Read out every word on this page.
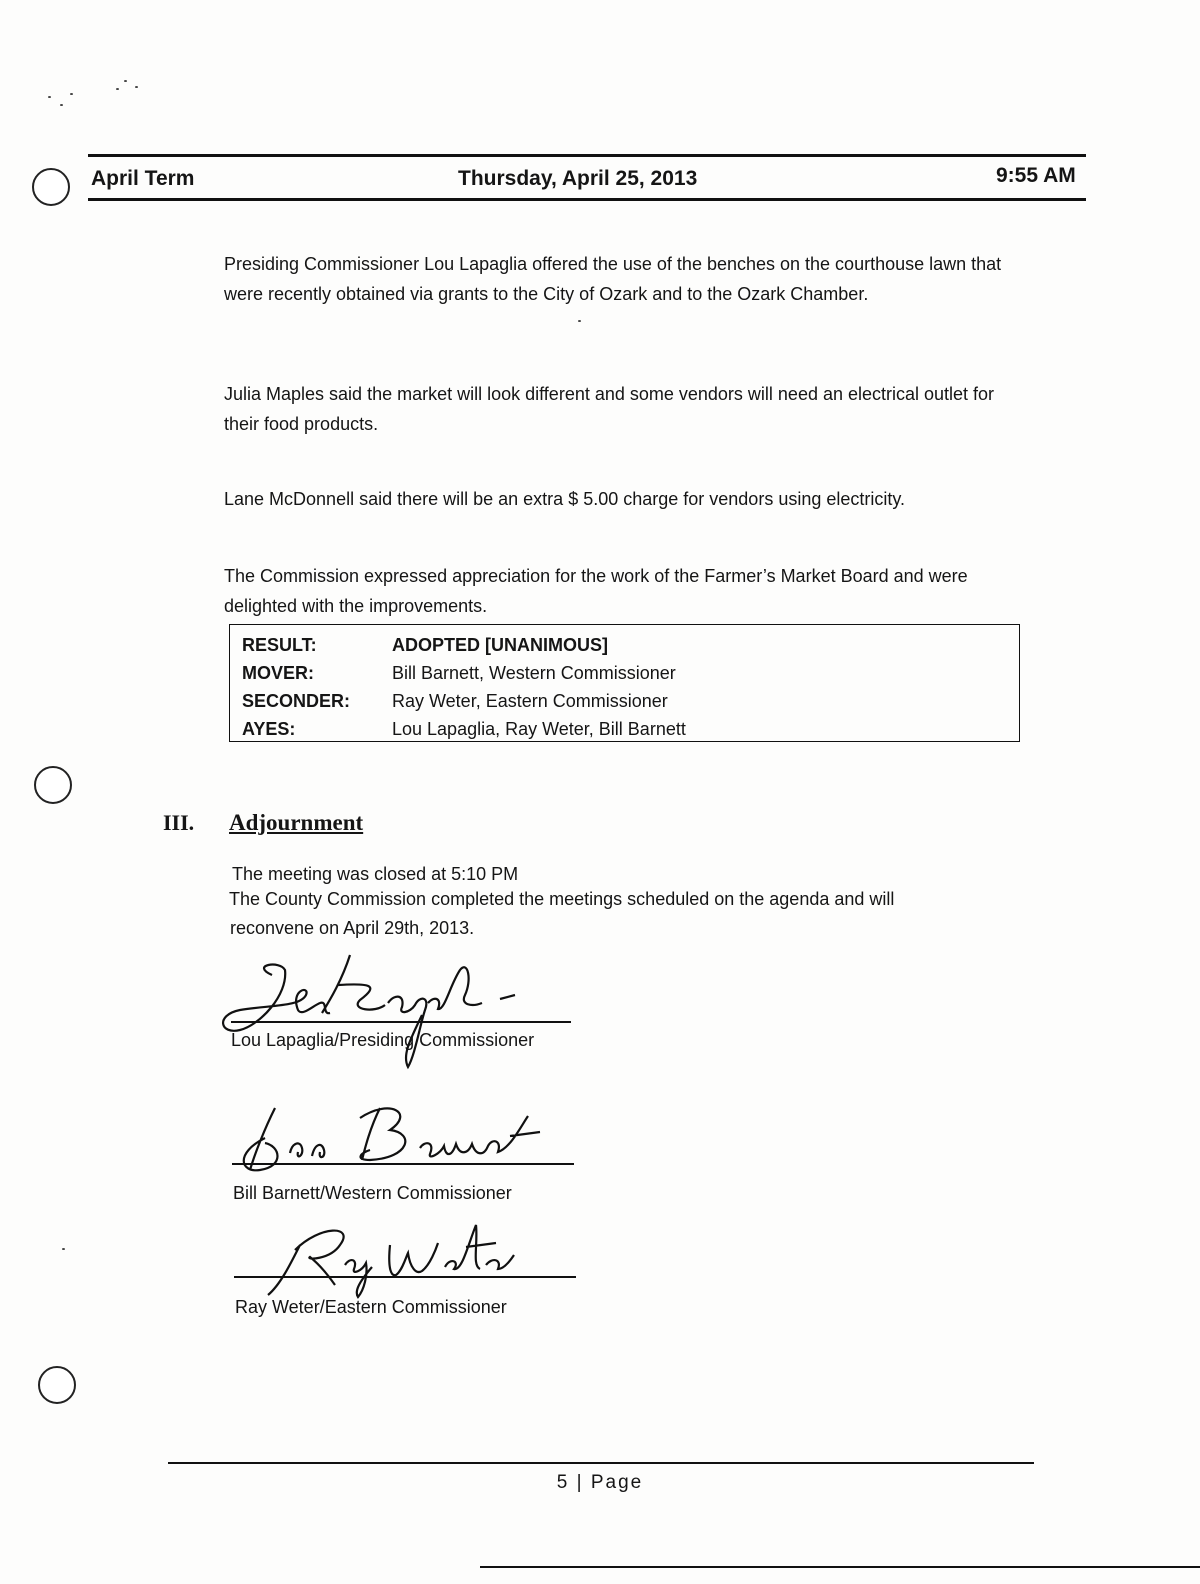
April Term	Thursday, April 25, 2013	9:55 AM
Presiding Commissioner Lou Lapaglia offered the use of the benches on the courthouse lawn that were recently obtained via grants to the City of Ozark and to the Ozark Chamber.
Julia Maples said the market will look different and some vendors will need an electrical outlet for their food products.
Lane McDonnell said there will be an extra $ 5.00 charge for vendors using electricity.
The Commission expressed appreciation for the work of the Farmer’s Market Board and were delighted with the improvements.
RESULT:	ADOPTED [UNANIMOUS]
MOVER:	Bill Barnett, Western Commissioner
SECONDER:	Ray Weter, Eastern Commissioner
AYES:	Lou Lapaglia, Ray Weter, Bill Barnett
III. Adjournment
The meeting was closed at 5:10 PM
The County Commission completed the meetings scheduled on the agenda and will
reconvene on April 29th, 2013.
Lou Lapaglia/Presiding Commissioner
Bill Barnett/Western Commissioner
Ray Weter/Eastern Commissioner
5 | Page
